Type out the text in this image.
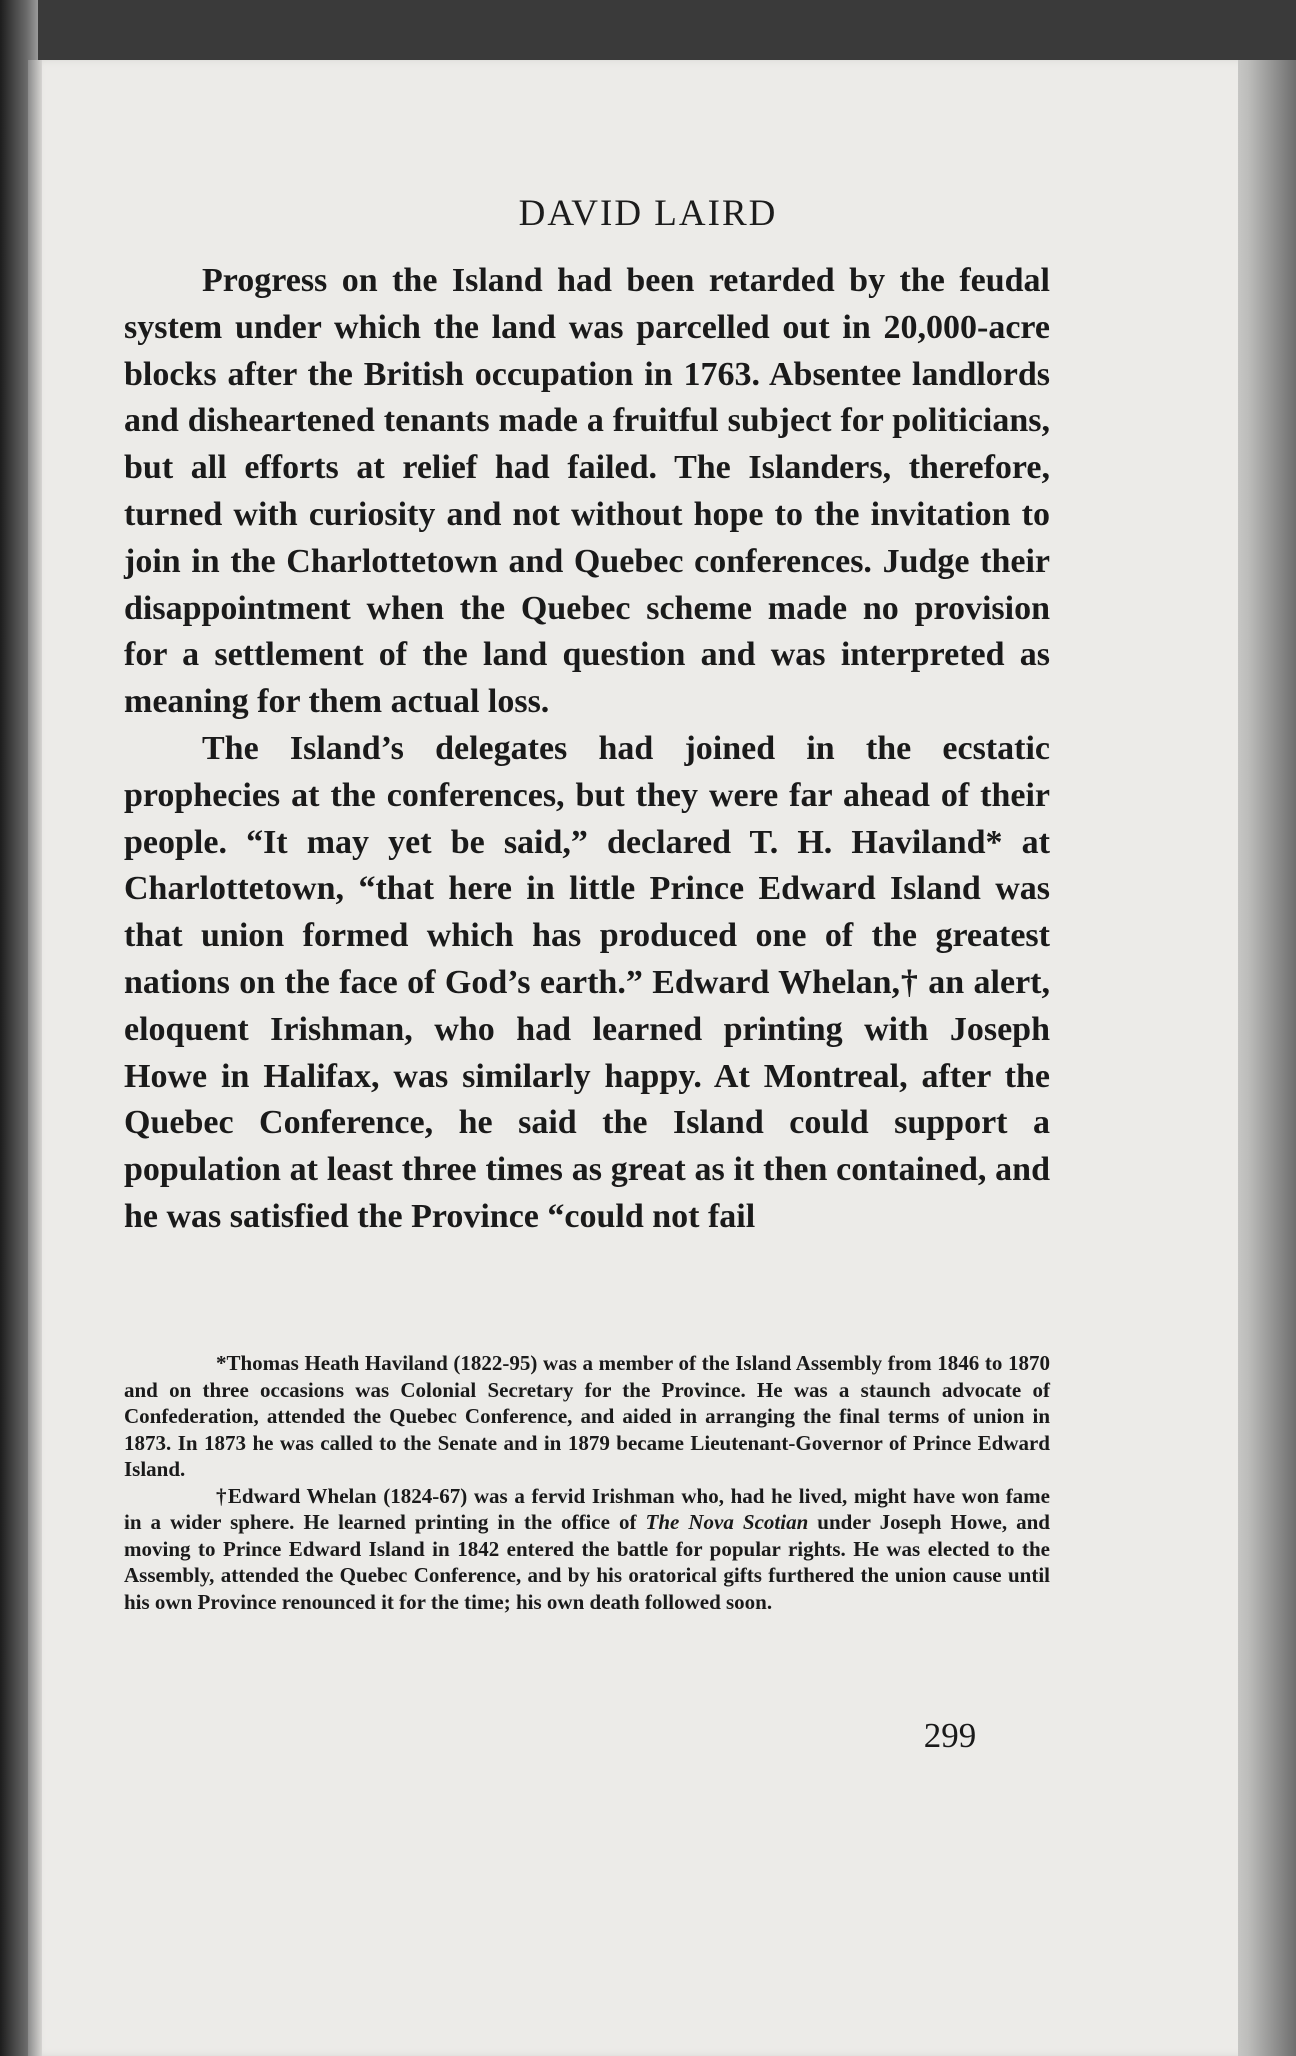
DAVID LAIRD

Progress on the Island had been retarded by the feudal system under which the land was parcelled out in 20,000-acre blocks after the British occupation in 1763. Absentee landlords and disheartened tenants made a fruitful subject for politicians, but all efforts at relief had failed. The Islanders, therefore, turned with curiosity and not without hope to the invitation to join in the Charlottetown and Quebec conferences. Judge their disappointment when the Quebec scheme made no provision for a settlement of the land question and was interpreted as meaning for them actual loss.

The Island’s delegates had joined in the ecstatic prophecies at the conferences, but they were far ahead of their people. “It may yet be said,” declared T. H. Haviland* at Charlottetown, “that here in little Prince Edward Island was that union formed which has produced one of the greatest nations on the face of God’s earth.” Edward Whelan,† an alert, eloquent Irishman, who had learned printing with Joseph Howe in Halifax, was similarly happy. At Montreal, after the Quebec Conference, he said the Island could support a population at least three times as great as it then contained, and he was satisfied the Province “could not fail

*Thomas Heath Haviland (1822-95) was a member of the Island Assembly from 1846 to 1870 and on three occasions was Colonial Secretary for the Province. He was a staunch advocate of Confederation, attended the Quebec Conference, and aided in arranging the final terms of union in 1873. In 1873 he was called to the Senate and in 1879 became Lieutenant-Governor of Prince Edward Island.

†Edward Whelan (1824-67) was a fervid Irishman who, had he lived, might have won fame in a wider sphere. He learned printing in the office of The Nova Scotian under Joseph Howe, and moving to Prince Edward Island in 1842 entered the battle for popular rights. He was elected to the Assembly, attended the Quebec Conference, and by his oratorical gifts furthered the union cause until his own Province renounced it for the time; his own death followed soon.

299
